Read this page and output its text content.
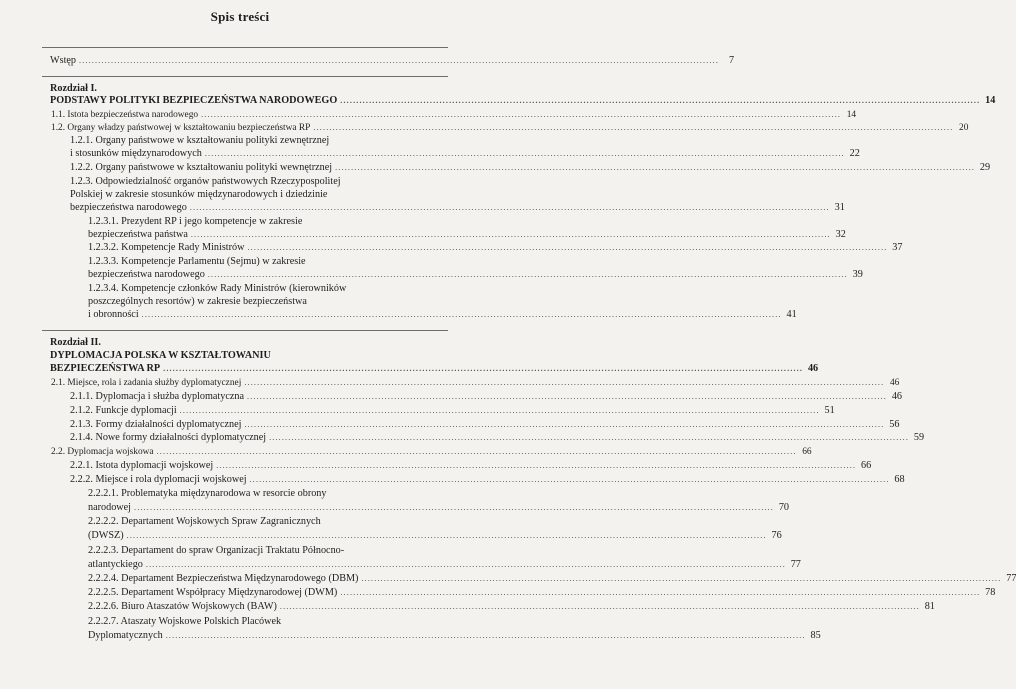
Spis treści
Wstęp ........................................................................................................................................................................................................ 7
Rozdział I.
PODSTAWY POLITYKI BEZPIECZEŃSTWA NARODOWEGO ........................................................................................................................................................................................................ 14
1.1. Istota bezpieczeństwa narodowego ........................................................................................................................................................................................................ 14
1.2. Organy władzy państwowej w kształtowaniu bezpieczeństwa RP ........................................................................................................................................................................................................ 20
1.2.1. Organy państwowe w kształtowaniu polityki zewnętrznej
i stosunków międzynarodowych ........................................................................................................................................................................................................ 22
1.2.2. Organy państwowe w kształtowaniu polityki wewnętrznej ........................................................................................................................................................................................................ 29
1.2.3. Odpowiedzialność organów państwowych Rzeczypospolitej
Polskiej w zakresie stosunków międzynarodowych i dziedzinie
bezpieczeństwa narodowego ........................................................................................................................................................................................................ 31
1.2.3.1. Prezydent RP i jego kompetencje w zakresie
bezpieczeństwa państwa ........................................................................................................................................................................................................ 32
1.2.3.2. Kompetencje Rady Ministrów ........................................................................................................................................................................................................ 37
1.2.3.3. Kompetencje Parlamentu (Sejmu) w zakresie
bezpieczeństwa narodowego ........................................................................................................................................................................................................ 39
1.2.3.4. Kompetencje członków Rady Ministrów (kierowników
poszczególnych resortów) w zakresie bezpieczeństwa
i obronności ........................................................................................................................................................................................................ 41
Rozdział II.
DYPLOMACJA POLSKA W KSZTAŁTOWANIU
BEZPIECZEŃSTWA RP ........................................................................................................................................................................................................ 46
2.1. Miejsce, rola i zadania służby dyplomatycznej ........................................................................................................................................................................................................ 46
2.1.1. Dyplomacja i służba dyplomatyczna ........................................................................................................................................................................................................ 46
2.1.2. Funkcje dyplomacji ........................................................................................................................................................................................................ 51
2.1.3. Formy działalności dyplomatycznej ........................................................................................................................................................................................................ 56
2.1.4. Nowe formy działalności dyplomatycznej ........................................................................................................................................................................................................ 59
2.2. Dyplomacja wojskowa ........................................................................................................................................................................................................ 66
2.2.1. Istota dyplomacji wojskowej ........................................................................................................................................................................................................ 66
2.2.2. Miejsce i rola dyplomacji wojskowej ........................................................................................................................................................................................................ 68
2.2.2.1. Problematyka międzynarodowa w resorcie obrony
narodowej ........................................................................................................................................................................................................ 70
2.2.2.2. Departament Wojskowych Spraw Zagranicznych
(DWSZ) ........................................................................................................................................................................................................ 76
2.2.2.3. Departament do spraw Organizacji Traktatu Północno-
atlantyckiego ........................................................................................................................................................................................................ 77
2.2.2.4. Departament Bezpieczeństwa Międzynarodowego (DBM) ........................................................................................................................................................................................................ 77
2.2.2.5. Departament Współpracy Międzynarodowej (DWM) ........................................................................................................................................................................................................ 78
2.2.2.6. Biuro Ataszatów Wojskowych (BAW) ........................................................................................................................................................................................................ 81
2.2.2.7. Ataszaty Wojskowe Polskich Placówek
Dyplomatycznych ........................................................................................................................................................................................................ 85
